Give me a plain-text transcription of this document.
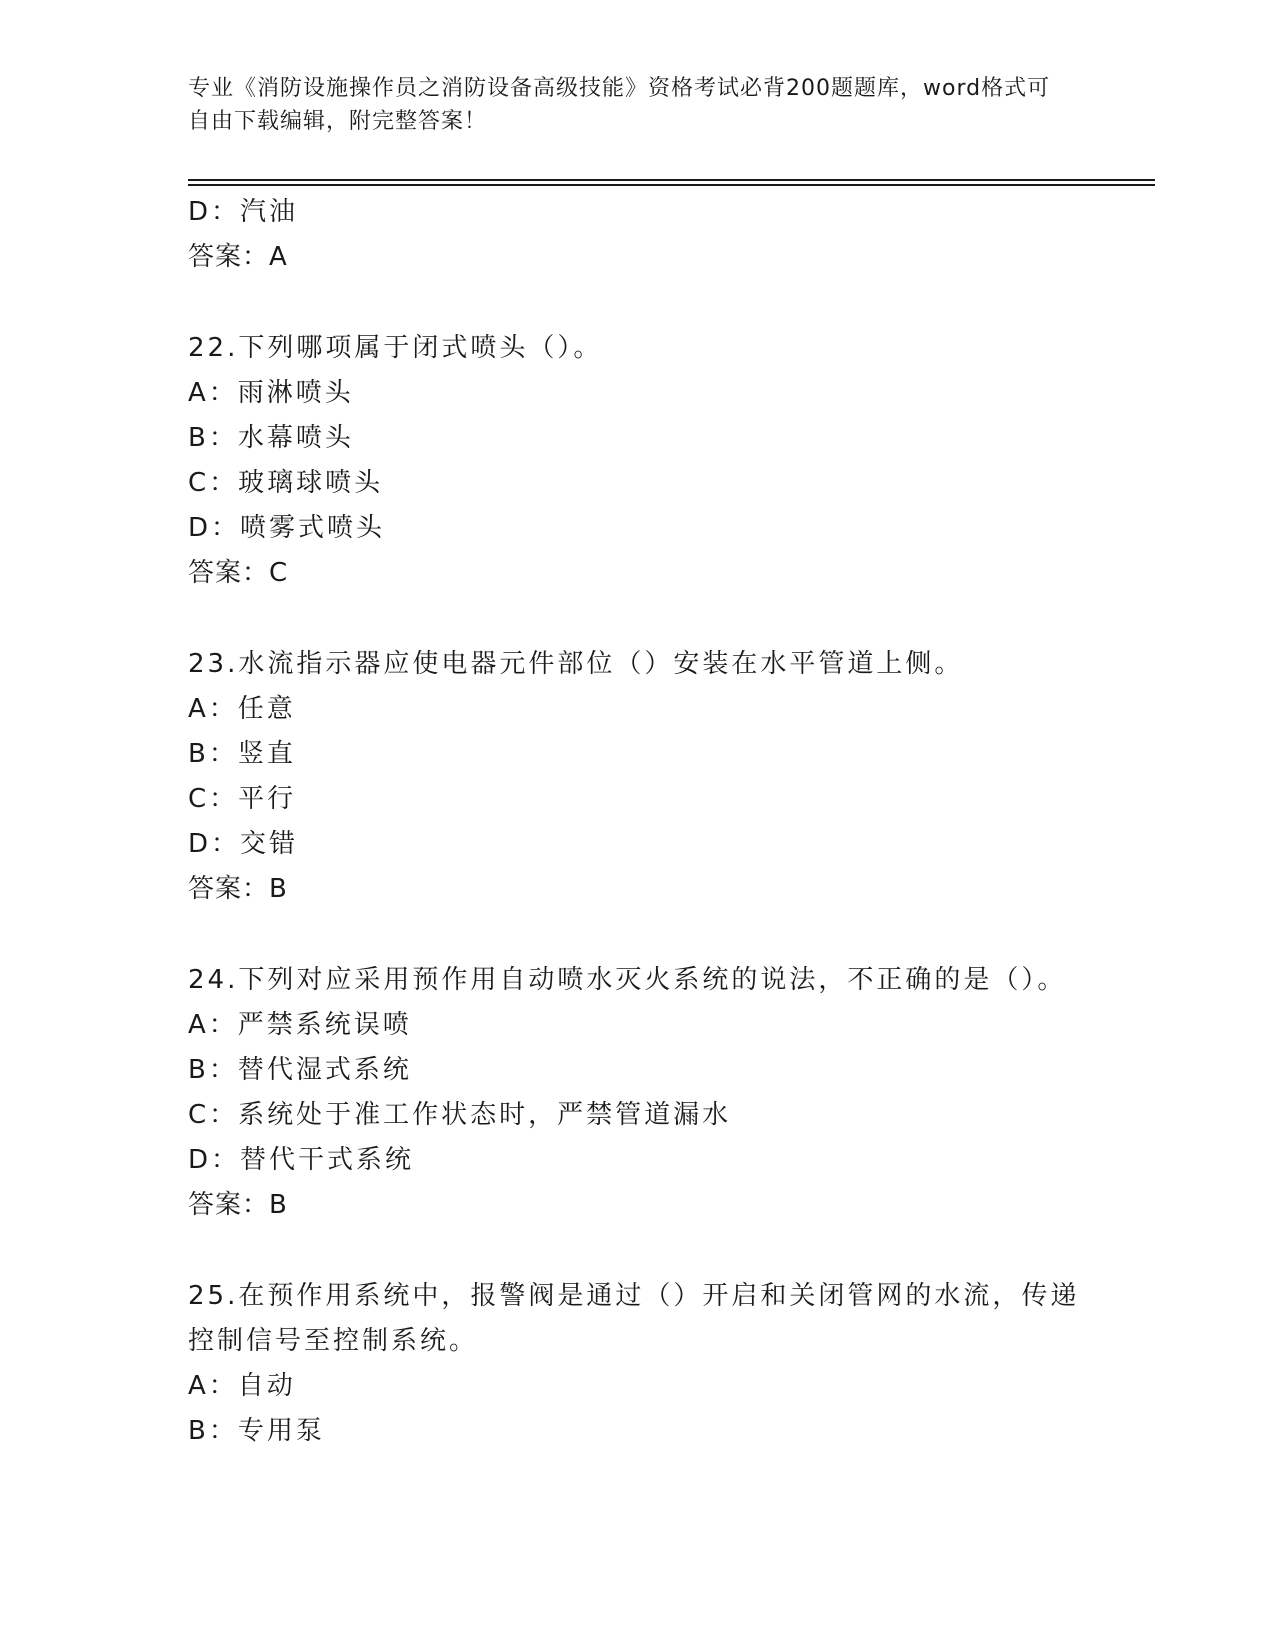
专业《消防设施操作员之消防设备高级技能》资格考试必背200题题库，word格式可自由下载编辑，附完整答案！
D：汽油
答案：A
22.下列哪项属于闭式喷头（）。
A：雨淋喷头
B：水幕喷头
C：玻璃球喷头
D：喷雾式喷头
答案：C
23.水流指示器应使电器元件部位（）安装在水平管道上侧。
A：任意
B：竖直
C：平行
D：交错
答案：B
24.下列对应采用预作用自动喷水灭火系统的说法，不正确的是（）。
A：严禁系统误喷
B：替代湿式系统
C：系统处于准工作状态时，严禁管道漏水
D：替代干式系统
答案：B
25.在预作用系统中，报警阀是通过（）开启和关闭管网的水流，传递
控制信号至控制系统。
A：自动
B：专用泵
